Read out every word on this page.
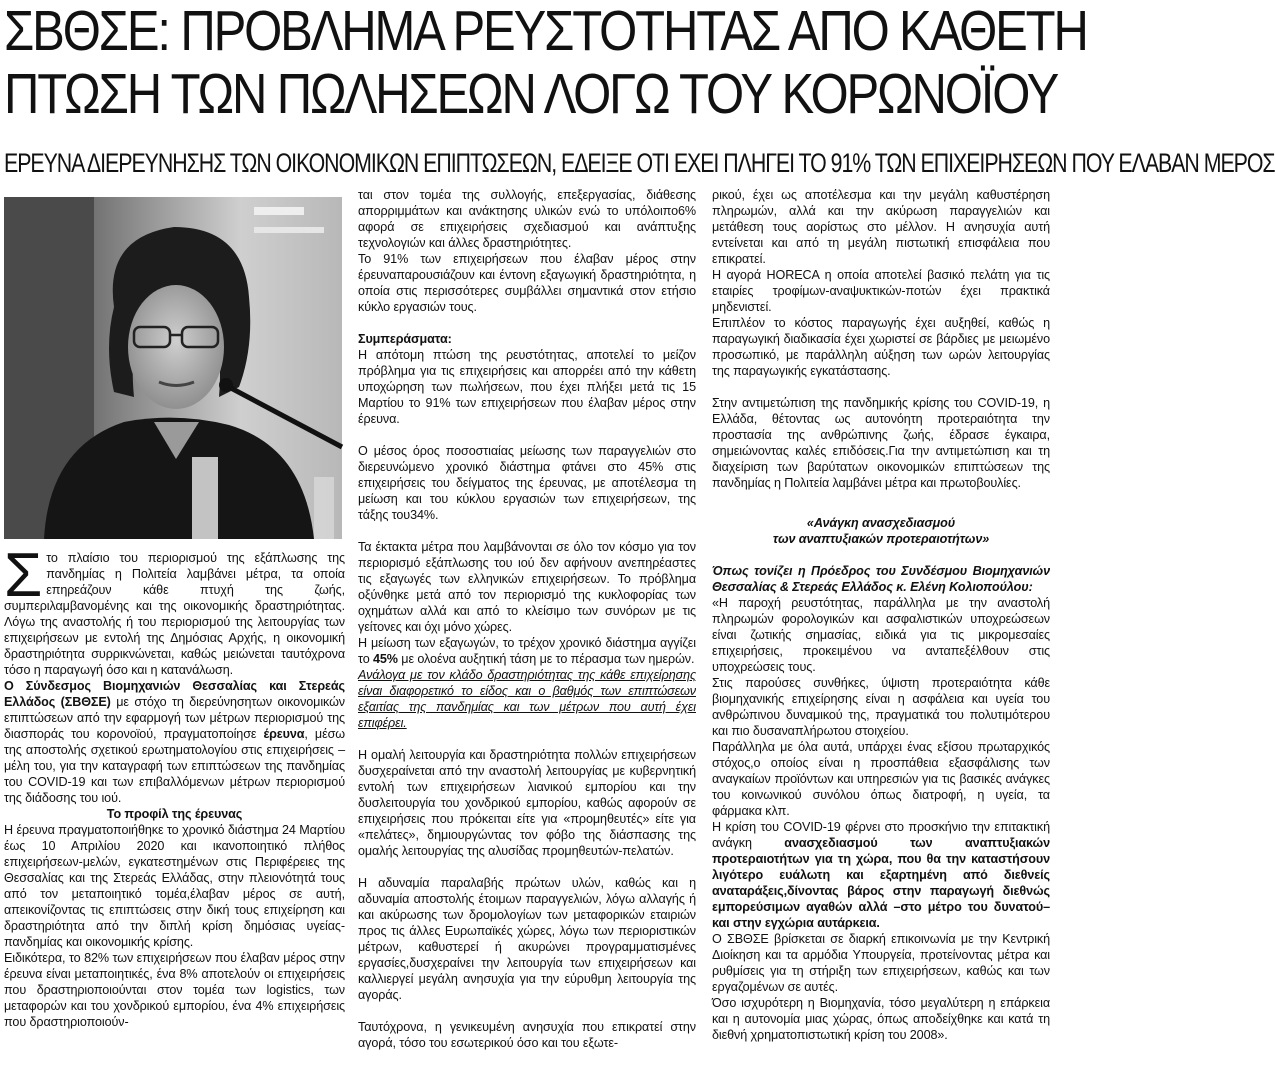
ΣΒΘΣΕ: ΠΡΟΒΛΗΜΑ ΡΕΥΣΤΟΤΗΤΑΣ ΑΠΟ ΚΑΘΕΤΗ
ΠΤΩΣΗ ΤΩΝ ΠΩΛΗΣΕΩΝ ΛΟΓΩ ΤΟΥ ΚΟΡΩΝΟΪΟΥ
ΕΡΕΥΝΑ ΔΙΕΡΕΥΝΗΣΗΣ ΤΩΝ ΟΙΚΟΝΟΜΙΚΩΝ ΕΠΙΠΤΩΣΕΩΝ, ΕΔΕΙΞΕ ΟΤΙ ΕΧΕΙ ΠΛΗΓΕΙ ΤΟ 91% ΤΩΝ ΕΠΙΧΕΙΡΗΣΕΩΝ ΠΟΥ ΕΛΑΒΑΝ ΜΕΡΟΣ

Στο πλαίσιο του περιορισμού της εξάπλωσης της πανδημίας η Πολιτεία λαμβάνει μέτρα, τα οποία επηρεάζουν κάθε πτυχή της ζωής, συμπεριλαμβανομένης και της οικονομικής δραστηριότητας. Λόγω της αναστολής ή του περιορισμού της λειτουργίας των επιχειρήσεων με εντολή της Δημόσιας Αρχής, η οικονομική δραστηριότητα συρρικνώνεται, καθώς μειώνεται ταυτόχρονα τόσο η παραγωγή όσο και η κατανάλωση.

Ο Σύνδεσμος Βιομηχανιών Θεσσαλίας και Στερεάς Ελλάδος (ΣΒΘΣΕ) με στόχο τη διερεύνησητων οικονομικών επιπτώσεων από την εφαρμογή των μέτρων περιορισμού της διασποράς του κορονοϊού, πραγματοποίησε έρευνα, μέσω της αποστολής σχετικού ερωτηματολογίου στις επιχειρήσεις – μέλη του, για την καταγραφή των επιπτώσεων της πανδημίας του COVID-19 και των επιβαλλόμενων μέτρων περιορισμού της διάδοσης του ιού.

Το προφίλ της έρευνας

Η έρευνα πραγματοποιήθηκε το χρονικό διάστημα 24 Μαρτίου έως 10 Απριλίου 2020 και ικανοποιητικό πλήθος επιχειρήσεων-μελών, εγκατεστημένων στις Περιφέρειες της Θεσσαλίας και της Στερεάς Ελλάδας, στην πλειονότητά τους από τον μεταποιητικό τομέα,έλαβαν μέρος σε αυτή, απεικονίζοντας τις επιπτώσεις στην δική τους επιχείρηση και δραστηριότητα από την διπλή κρίση δημόσιας υγείας-πανδημίας και οικονομικής κρίσης.

Ειδικότερα, το 82% των επιχειρήσεων που έλαβαν μέρος στην έρευνα είναι μεταποιητικές, ένα 8% αποτελούν οι επιχειρήσεις που δραστηριοποιούνται στον τομέα των logistics, των μεταφορών και του χονδρικού εμπορίου, ένα 4% επιχειρήσεις που δραστηριοποιούν-

ται στον τομέα της συλλογής, επεξεργασίας, διάθεσης απορριμμάτων και ανάκτησης υλικών ενώ το υπόλοιπο6% αφορά σε επιχειρήσεις σχεδιασμού και ανάπτυξης τεχνολογιών και άλλες δραστηριότητες.

Το 91% των επιχειρήσεων που έλαβαν μέρος στην έρευναπαρουσιάζουν και έντονη εξαγωγική δραστηριότητα, η οποία στις περισσότερες συμβάλλει σημαντικά στον ετήσιο κύκλο εργασιών τους.

Συμπεράσματα:

Η απότομη πτώση της ρευστότητας, αποτελεί το μείζον πρόβλημα για τις επιχειρήσεις και απορρέει από την κάθετη υποχώρηση των πωλήσεων, που έχει πλήξει μετά τις 15 Μαρτίου το 91% των επιχειρήσεων που έλαβαν μέρος στην έρευνα.

Ο μέσος όρος ποσοστιαίας μείωσης των παραγγελιών στο διερευνώμενο χρονικό διάστημα φτάνει στο 45% στις επιχειρήσεις του δείγματος της έρευνας, με αποτέλεσμα τη μείωση και του κύκλου εργασιών των επιχειρήσεων, της τάξης του34%.

Τα έκτακτα μέτρα που λαμβάνονται σε όλο τον κόσμο για τον περιορισμό εξάπλωσης του ιού δεν αφήνουν ανεπηρέαστες τις εξαγωγές των ελληνικών επιχειρήσεων. Το πρόβλημα οξύνθηκε μετά από τον περιορισμό της κυκλοφορίας των οχημάτων αλλά και από το κλείσιμο των συνόρων με τις γείτονες και όχι μόνο χώρες.

Η μείωση των εξαγωγών, το τρέχον χρονικό διάστημα αγγίζει το 45% με ολοένα αυξητική τάση με το πέρασμα των ημερών.

Ανάλογα με τον κλάδο δραστηριότητας της κάθε επιχείρησης είναι διαφορετικό το είδος και ο βαθμός των επιπτώσεων εξαιτίας της πανδημίας και των μέτρων που αυτή έχει επιφέρει.

Η ομαλή λειτουργία και δραστηριότητα πολλών επιχειρήσεων δυσχεραίνεται από την αναστολή λειτουργίας με κυβερνητική εντολή των επιχειρήσεων λιανικού εμπορίου και την δυσλειτουργία του χονδρικού εμπορίου, καθώς αφορούν σε επιχειρήσεις που πρόκειται είτε για «προμηθευτές» είτε για «πελάτες», δημιουργώντας τον φόβο της διάσπασης της ομαλής λειτουργίας της αλυσίδας προμηθευτών-πελατών.

Η αδυναμία παραλαβής πρώτων υλών, καθώς και η αδυναμία αποστολής έτοιμων παραγγελιών, λόγω αλλαγής ή και ακύρωσης των δρομολογίων των μεταφορικών εταιριών προς τις άλλες Ευρωπαϊκές χώρες, λόγω των περιοριστικών μέτρων, καθυστερεί ή ακυρώνει προγραμματισμένες εργασίες,δυσχεραίνει την λειτουργία των επιχειρήσεων και καλλιεργεί μεγάλη ανησυχία για την εύρυθμη λειτουργία της αγοράς.

Ταυτόχρονα, η γενικευμένη ανησυχία που επικρατεί στην αγορά, τόσο του εσωτερικού όσο και του εξωτε-

ρικού, έχει ως αποτέλεσμα και την μεγάλη καθυστέρηση πληρωμών, αλλά και την ακύρωση παραγγελιών και μετάθεση τους αορίστως στο μέλλον. Η ανησυχία αυτή εντείνεται και από τη μεγάλη πιστωτική επισφάλεια που επικρατεί.

Η αγορά HORECA η οποία αποτελεί βασικό πελάτη για τις εταιρίες τροφίμων-αναψυκτικών-ποτών έχει πρακτικά μηδενιστεί.

Επιπλέον το κόστος παραγωγής έχει αυξηθεί, καθώς η παραγωγική διαδικασία έχει χωριστεί σε βάρδιες με μειωμένο προσωπικό, με παράλληλη αύξηση των ωρών λειτουργίας της παραγωγικής εγκατάστασης.

Στην αντιμετώπιση της πανδημικής κρίσης του COVID-19, η Ελλάδα, θέτοντας ως αυτονόητη προτεραιότητα την προστασία της ανθρώπινης ζωής, έδρασε έγκαιρα, σημειώνοντας καλές επιδόσεις.Για την αντιμετώπιση και τη διαχείριση των βαρύτατων οικονομικών επιπτώσεων της πανδημίας η Πολιτεία λαμβάνει μέτρα και πρωτοβουλίες.

«Ανάγκη ανασχεδιασμού
των αναπτυξιακών προτεραιοτήτων»

Όπως τονίζει η Πρόεδρος του Συνδέσμου Βιομηχανιών Θεσσαλίας & Στερεάς Ελλάδος κ. Ελένη Κολιοπούλου:

«Η παροχή ρευστότητας, παράλληλα με την αναστολή πληρωμών φορολογικών και ασφαλιστικών υποχρεώσεων είναι ζωτικής σημασίας, ειδικά για τις μικρομεσαίες επιχειρήσεις, προκειμένου να ανταπεξέλθουν στις υποχρεώσεις τους.

Στις παρούσες συνθήκες, ύψιστη προτεραιότητα κάθε βιομηχανικής επιχείρησης είναι η ασφάλεια και υγεία του ανθρώπινου δυναμικού της, πραγματικά του πολυτιμότερου και πιο δυσαναπλήρωτου στοιχείου.

Παράλληλα με όλα αυτά, υπάρχει ένας εξίσου πρωταρχικός στόχος,ο οποίος είναι η προσπάθεια εξασφάλισης των αναγκαίων προϊόντων και υπηρεσιών για τις βασικές ανάγκες του κοινωνικού συνόλου όπως διατροφή, η υγεία, τα φάρμακα κλπ.

Η κρίση του COVID-19 φέρνει στο προσκήνιο την επιτακτική ανάγκη ανασχεδιασμού των αναπτυξιακών προτεραιοτήτων για τη χώρα, που θα την καταστήσουν λιγότερο ευάλωτη και εξαρτημένη από διεθνείς αναταράξεις,δίνοντας βάρος στην παραγωγή διεθνώς εμπορεύσιμων αγαθών αλλά –στο μέτρο του δυνατού– και στην εγχώρια αυτάρκεια.

Ο ΣΒΘΣΕ βρίσκεται σε διαρκή επικοινωνία με την Κεντρική Διοίκηση και τα αρμόδια Υπουργεία, προτείνοντας μέτρα και ρυθμίσεις για τη στήριξη των επιχειρήσεων, καθώς και των εργαζομένων σε αυτές.

Όσο ισχυρότερη η Βιομηχανία, τόσο μεγαλύτερη η επάρκεια και η αυτονομία μιας χώρας, όπως αποδείχθηκε και κατά τη διεθνή χρηματοπιστωτική κρίση του 2008».
